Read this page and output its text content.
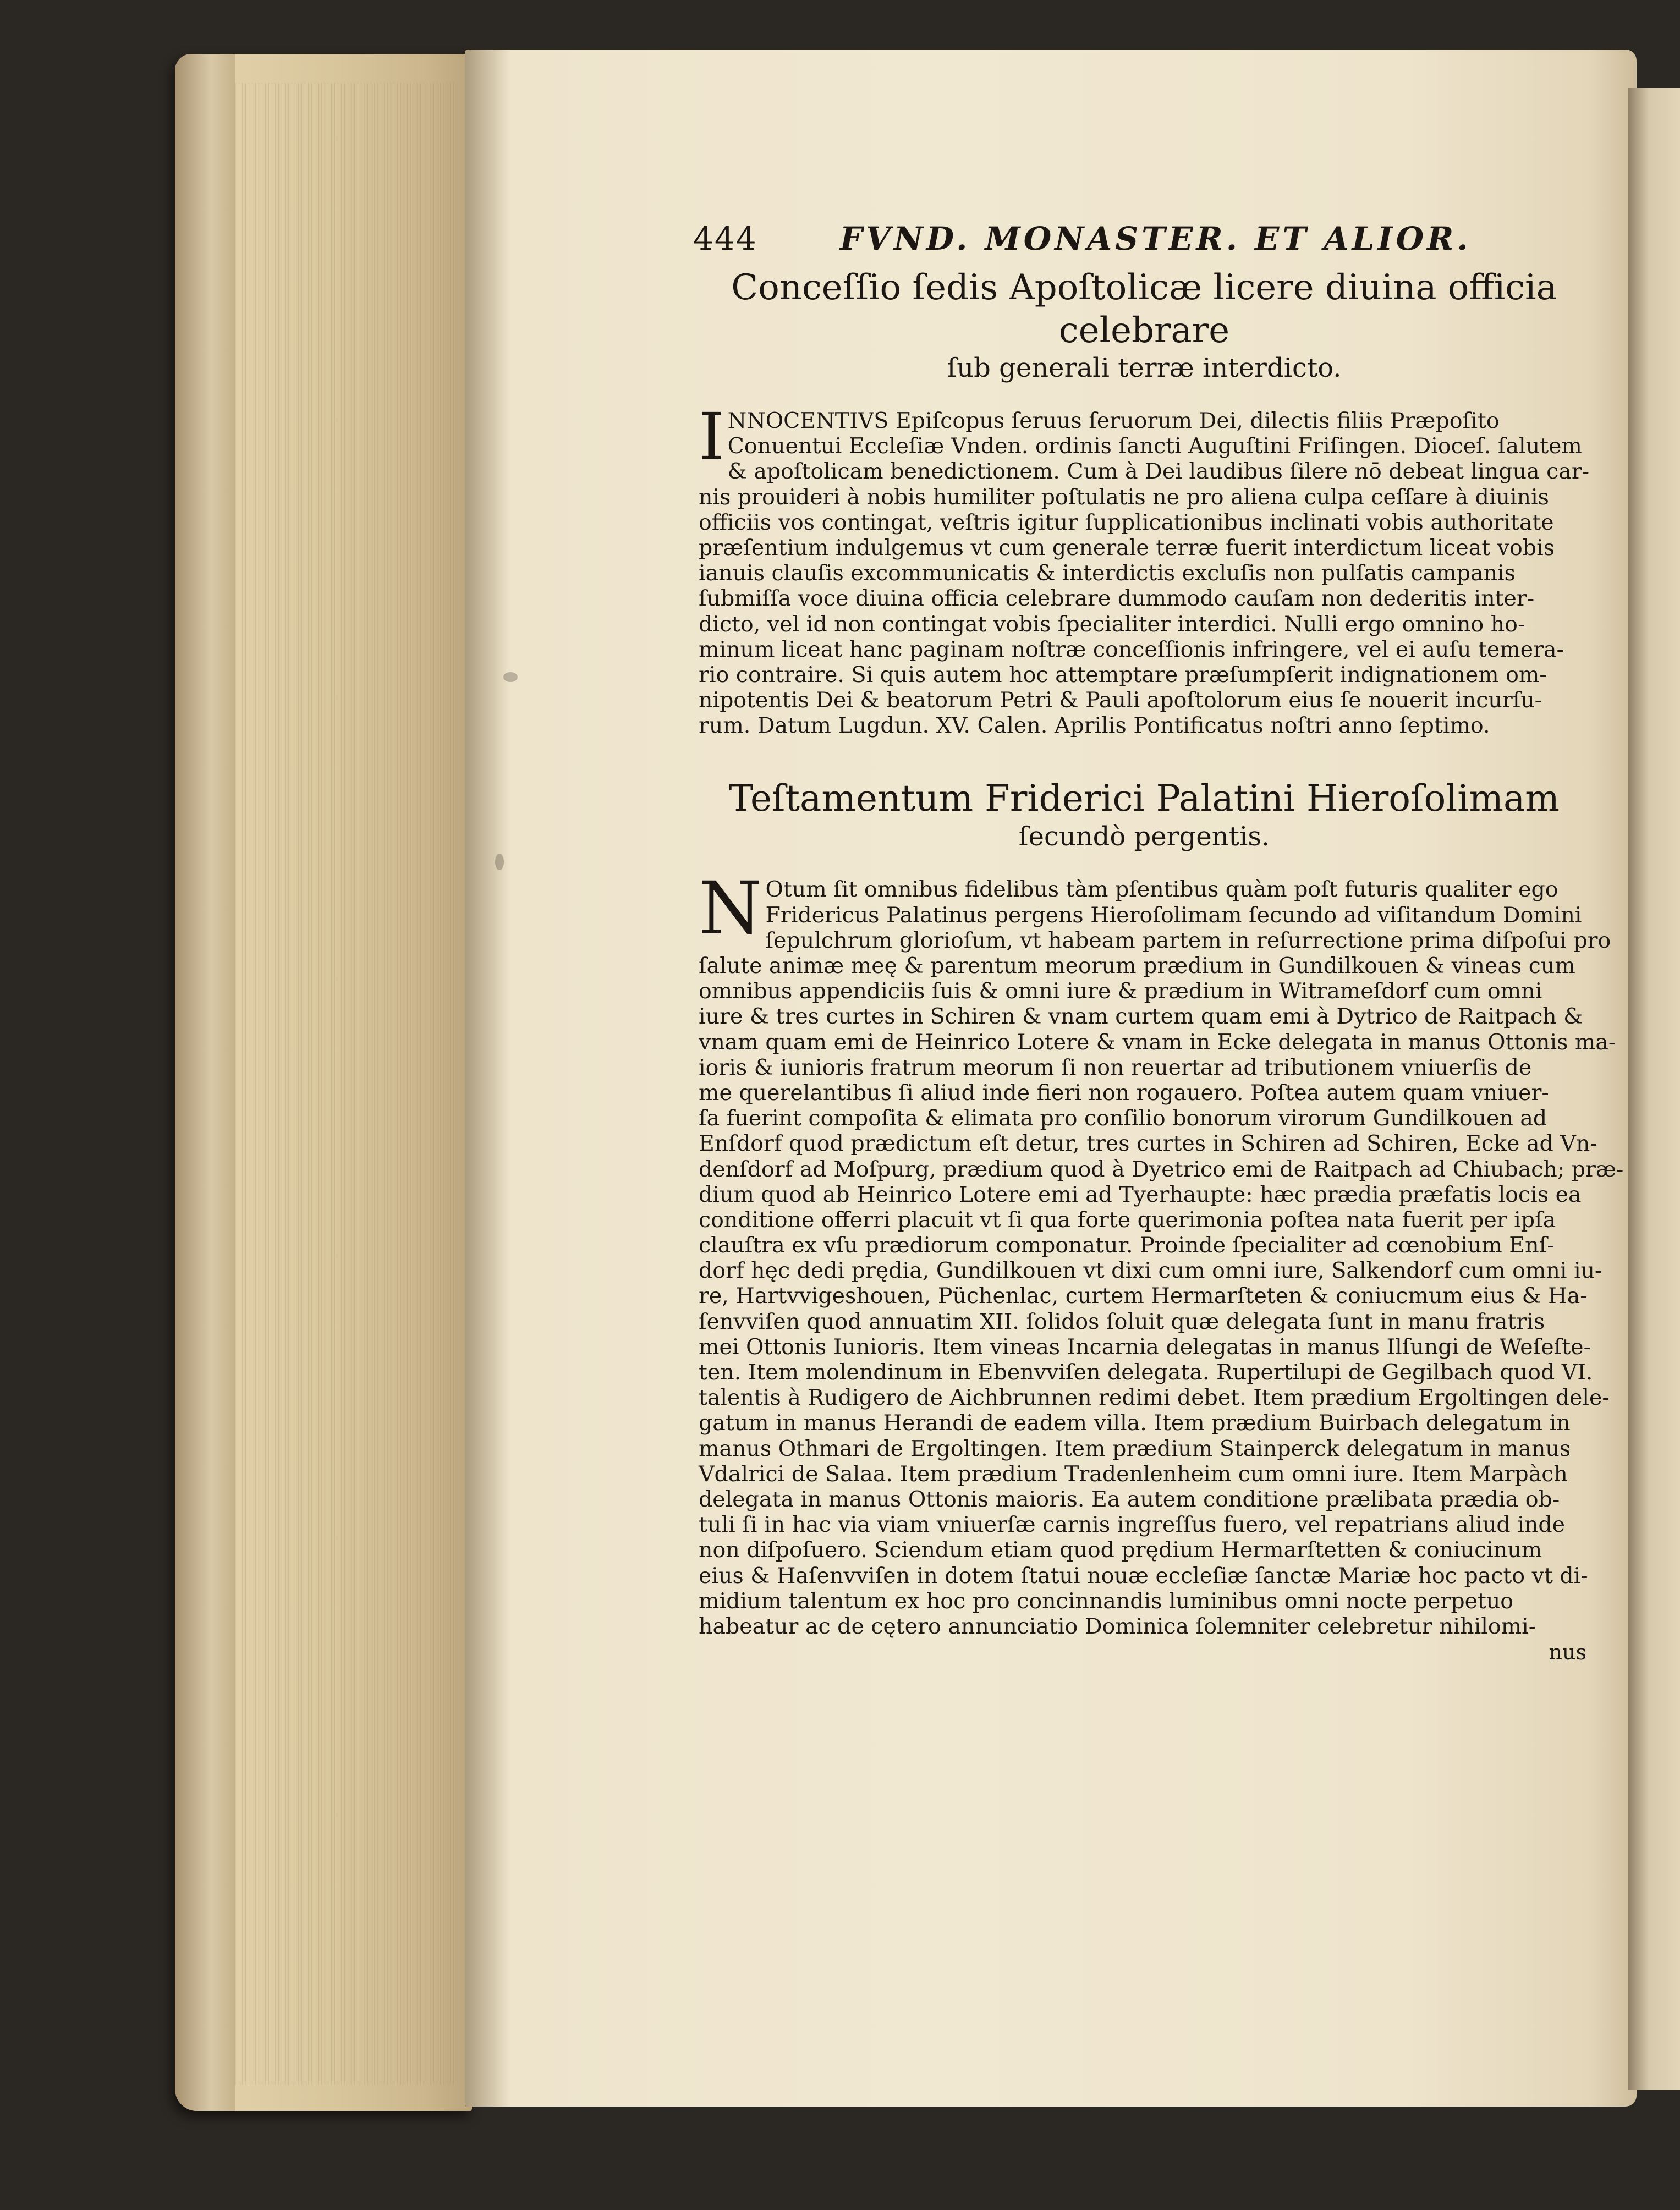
444	FVND. MONASTER. ET ALIOR.
Conceſſio ſedis Apoſtolicæ licere diuina officia celebrare
ſub generali terræ interdicto.
I NNOCENTIVS Epiſcopus ſeruus ſeruorum Dei, dilectis filiis Præpoſito
Conuentui Eccleſiæ Vnden. ordinis ſancti Auguſtini Friſingen. Dioceſ. ſalutem
& apoſtolicam benedictionem. Cum à Dei laudibus ſilere nō debeat lingua car-
nis prouideri à nobis humiliter poſtulatis ne pro aliena culpa ceſſare à diuinis
officiis vos contingat, veſtris igitur ſupplicationibus inclinati vobis authoritate
præſentium indulgemus vt cum generale terræ fuerit interdictum liceat vobis
ianuis clauſis excommunicatis & interdictis excluſis non pulſatis campanis
ſubmiſſa voce diuina officia celebrare dummodo cauſam non dederitis inter-
dicto, vel id non contingat vobis ſpecialiter interdici. Nulli ergo omnino ho-
minum liceat hanc paginam noſtræ conceſſionis infringere, vel ei auſu temera-
rio contraire. Si quis autem hoc attemptare præſumpſerit indignationem om-
nipotentis Dei & beatorum Petri & Pauli apoſtolorum eius ſe nouerit incurſu-
rum. Datum Lugdun. XV. Calen. Aprilis Pontificatus noſtri anno ſeptimo.
Teſtamentum Friderici Palatini Hieroſolimam
ſecundò pergentis.
N Otum ſit omnibus fidelibus tàm pſentibus quàm poſt futuris qualiter ego
Fridericus Palatinus pergens Hieroſolimam ſecundo ad viſitandum Domini
ſepulchrum glorioſum, vt habeam partem in reſurrectione prima diſpoſui pro
ſalute animæ meę & parentum meorum prædium in Gundilkouen & vineas cum
omnibus appendiciis ſuis & omni iure & prædium in Witrameſdorf cum omni
iure & tres curtes in Schiren & vnam curtem quam emi à Dytrico de Raitpach &
vnam quam emi de Heinrico Lotere & vnam in Ecke delegata in manus Ottonis ma-
ioris & iunioris fratrum meorum ſi non reuertar ad tributionem vniuerſis de
me querelantibus ſi aliud inde fieri non rogauero. Poſtea autem quam vniuer-
ſa fuerint compoſita & elimata pro conſilio bonorum virorum Gundilkouen ad
Enſdorf quod prædictum eſt detur, tres curtes in Schiren ad Schiren, Ecke ad Vn-
denſdorf ad Moſpurg, prædium quod à Dyetrico emi de Raitpach ad Chiubach; præ-
dium quod ab Heinrico Lotere emi ad Tyerhaupte: hæc prædia præfatis locis ea
conditione offerri placuit vt ſi qua forte querimonia poſtea nata fuerit per ipſa
clauſtra ex vſu prædiorum componatur. Proinde ſpecialiter ad cœnobium Enſ-
dorf hęc dedi prędia, Gundilkouen vt dixi cum omni iure, Salkendorf cum omni iu-
re, Hartvvigeshouen, Püchenlac, curtem Hermarſteten & coniucmum eius & Ha-
ſenvviſen quod annuatim XII. ſolidos ſoluit quæ delegata ſunt in manu fratris
mei Ottonis Iunioris. Item vineas Incarnia delegatas in manus Ilſungi de Weſeſte-
ten. Item molendinum in Ebenvviſen delegata. Rupertilupi de Gegilbach quod VI.
talentis à Rudigero de Aichbrunnen redimi debet. Item prædium Ergoltingen dele-
gatum in manus Herandi de eadem villa. Item prædium Buirbach delegatum in
manus Othmari de Ergoltingen. Item prædium Stainperck delegatum in manus
Vdalrici de Salaa. Item prædium Tradenlenheim cum omni iure. Item Marpàch
delegata in manus Ottonis maioris. Ea autem conditione prælibata prædia ob-
tuli ſi in hac via viam vniuerſæ carnis ingreſſus fuero, vel repatrians aliud inde
non diſpoſuero. Sciendum etiam quod prędium Hermarſtetten & coniucinum
eius & Haſenvviſen in dotem ſtatui nouæ eccleſiæ ſanctæ Mariæ hoc pacto vt di-
midium talentum ex hoc pro concinnandis luminibus omni nocte perpetuo
habeatur ac de cętero annunciatio Dominica ſolemniter celebretur nihilomi-
nus
